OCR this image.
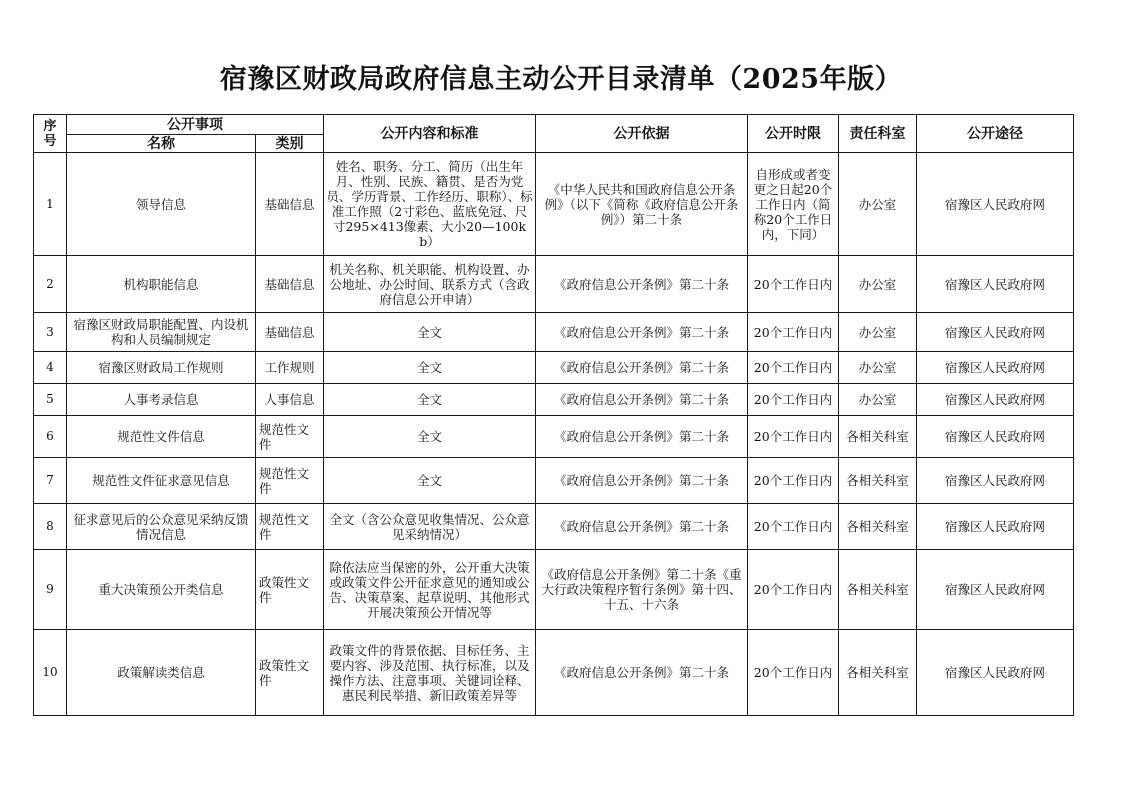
宿豫区财政局政府信息主动公开目录清单（2025年版）
序号	公开事项		公开内容和标准	公开依据	公开时限	责任科室	公开途径
	名称	类别					
1	领导信息	基础信息	姓名、职务、分工、简历（出生年月、性别、民族、籍贯、是否为党员、学历背景、工作经历、职称）、标准工作照（2寸彩色、蓝底免冠、尺寸295×413像素、大小20—100kb）	《中华人民共和国政府信息公开条例》（以下《简称《政府信息公开条例》）第二十条	自形成或者变更之日起20个工作日内（简称20个工作日内，下同）	办公室	宿豫区人民政府网
2	机构职能信息	基础信息	机关名称、机关职能、机构设置、办公地址、办公时间、联系方式（含政府信息公开申请）	《政府信息公开条例》第二十条	20个工作日内	办公室	宿豫区人民政府网
3	宿豫区财政局职能配置、内设机构和人员编制规定	基础信息	全文	《政府信息公开条例》第二十条	20个工作日内	办公室	宿豫区人民政府网
4	宿豫区财政局工作规则	工作规则	全文	《政府信息公开条例》第二十条	20个工作日内	办公室	宿豫区人民政府网
5	人事考录信息	人事信息	全文	《政府信息公开条例》第二十条	20个工作日内	办公室	宿豫区人民政府网
6	规范性文件信息	规范性文件	全文	《政府信息公开条例》第二十条	20个工作日内	各相关科室	宿豫区人民政府网
7	规范性文件征求意见信息	规范性文件	全文	《政府信息公开条例》第二十条	20个工作日内	各相关科室	宿豫区人民政府网
8	征求意见后的公众意见采纳反馈情况信息	规范性文件	全文（含公众意见收集情况、公众意见采纳情况）	《政府信息公开条例》第二十条	20个工作日内	各相关科室	宿豫区人民政府网
9	重大决策预公开类信息	政策性文件	除依法应当保密的外，公开重大决策或政策文件公开征求意见的通知或公告、决策草案、起草说明、其他形式开展决策预公开情况等	《政府信息公开条例》第二十条《重大行政决策程序暂行条例》第十四、十五、十六条	20个工作日内	各相关科室	宿豫区人民政府网
10	政策解读类信息	政策性文件	政策文件的背景依据、目标任务、主要内容、涉及范围、执行标准，以及操作方法、注意事项、关键词诠释、惠民利民举措、新旧政策差异等	《政府信息公开条例》第二十条	20个工作日内	各相关科室	宿豫区人民政府网
